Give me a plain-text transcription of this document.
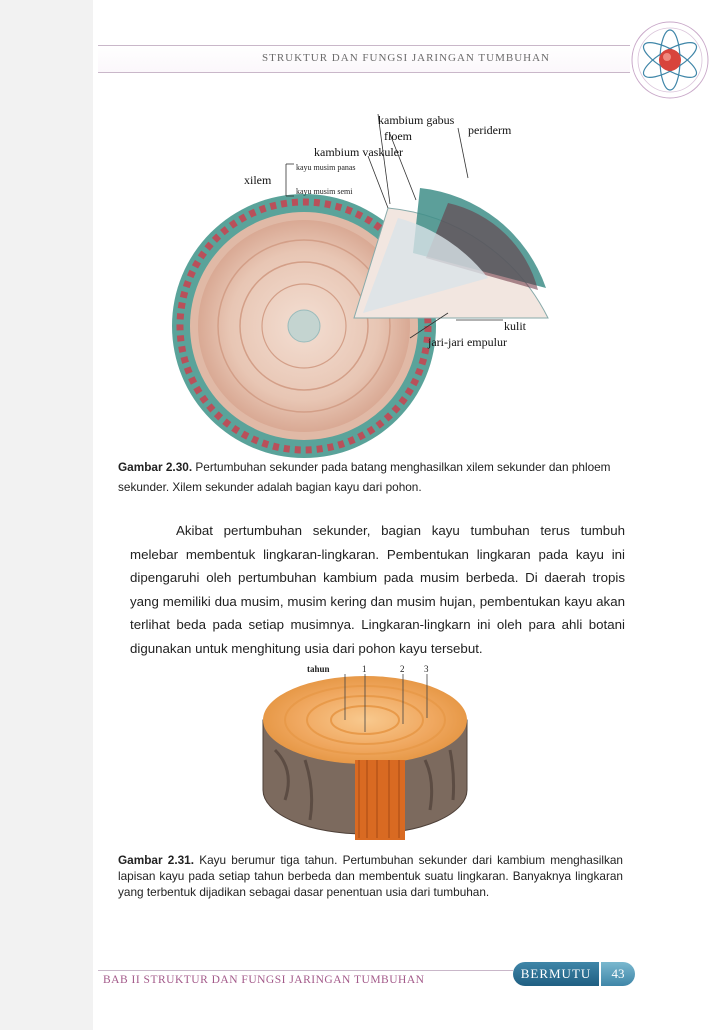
STRUKTUR DAN FUNGSI JARINGAN TUMBUHAN
kambium gabus
floem	periderm
kambium vaskuler
xilem
kayu musim panas
kayu musim semi
kulit
jari-jari empulur
Gambar 2.30. Pertumbuhan sekunder pada batang menghasilkan xilem sekunder dan phloem
sekunder. Xilem sekunder adalah bagian kayu dari pohon.
Akibat pertumbuhan sekunder, bagian kayu tumbuhan terus tumbuh melebar membentuk lingkaran-lingkaran. Pembentukan lingkaran pada kayu ini dipengaruhi oleh pertumbuhan kambium pada musim berbeda. Di daerah tropis yang memiliki dua musim, musim kering dan musim hujan, pembentukan kayu akan terlihat beda pada setiap musimnya. Lingkaran-lingkarn ini oleh para ahli botani digunakan untuk menghitung usia dari pohon kayu tersebut.
tahun	1	2 3
Gambar 2.31. Kayu berumur tiga tahun. Pertumbuhan sekunder dari kambium menghasilkan lapisan kayu pada setiap tahun berbeda dan membentuk suatu lingkaran. Banyaknya lingkaran yang terbentuk dijadikan sebagai dasar penentuan usia dari tumbuhan.
BAB II STRUKTUR DAN FUNGSI JARINGAN TUMBUHAN	BERMUTU	43
